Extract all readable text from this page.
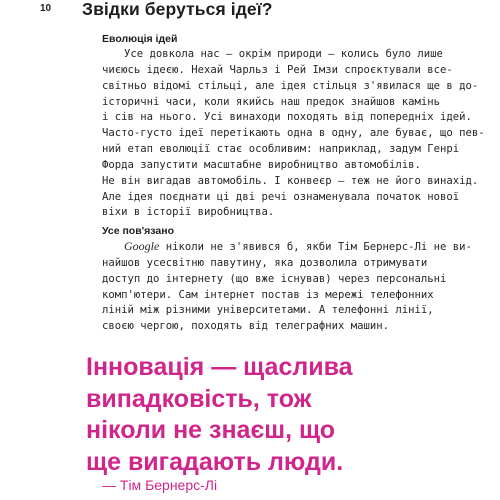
10 Звідки беруться ідеї?
Еволюція ідей

Усе довкола нас – окрім природи – колись було лише
чиєюсь ідеєю. Нехай Чарльз і Рей Імзи спроєктували все-
світньо відомі стільці, але ідея стільця з'явилася ще в до-
історичні часи, коли якийсь наш предок знайшов камінь
і сів на нього. Усі винаходи походять від попередніх ідей.
Часто-густо ідеї перетікають одна в одну, але буває, що пев-
ний етап еволюції стає особливим: наприклад, задум Генрі
Форда запустити масштабне виробництво автомобілів.
Не він вигадав автомобіль. І конвеєр – теж не його винахід.
Але ідея поєднати ці дві речі ознаменувала початок нової
віхи в історії виробництва.

Усе пов'язано

Google ніколи не з'явився б, якби Тім Бернерс-Лі не ви-
найшов усесвітню павутину, яка дозволила отримувати
доступ до інтернету (що вже існував) через персональні
комп'ютери. Сам інтернет постав із мережі телефонних
ліній між різними університетами. А телефонні лінії,
своєю чергою, походять від телеграфних машин.

Інновація — щаслива
випадковість, тож
ніколи не знаєш, що
ще вигадають люди.
— Тім Бернерс-Лі
